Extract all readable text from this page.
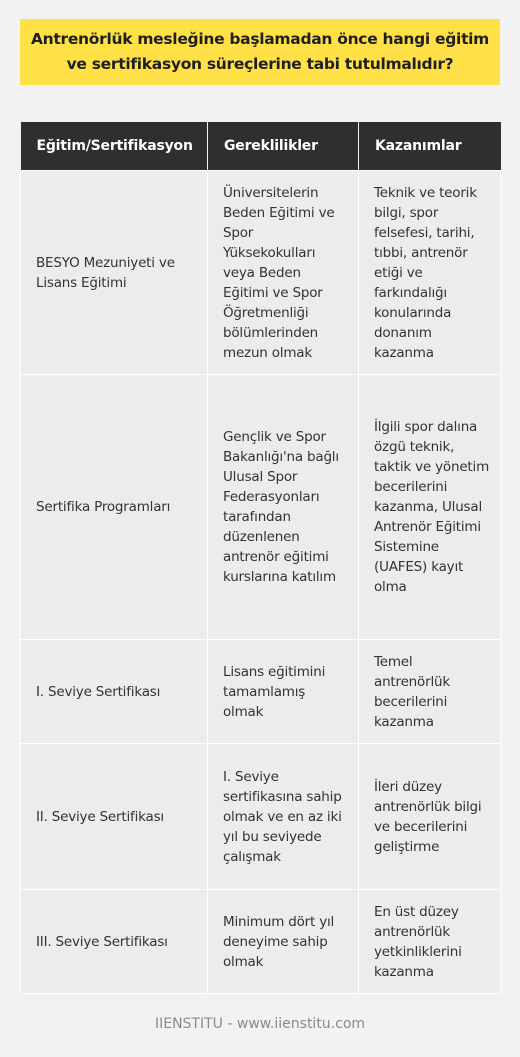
Antrenörlük mesleğine başlamadan önce hangi eğitim ve sertifikasyon süreçlerine tabi tutulmalıdır?
Eğitim/Sertifikasyon	Gereklilikler	Kazanımlar
BESYO Mezuniyeti ve Lisans Eğitimi	Üniversitelerin Beden Eğitimi ve Spor Yüksekokulları veya Beden Eğitimi ve Spor Öğretmenliği bölümlerinden mezun olmak	Teknik ve teorik bilgi, spor felsefesi, tarihi, tıbbi, antrenör etiği ve farkındalığı konularında donanım kazanma
Sertifika Programları	Gençlik ve Spor Bakanlığı'na bağlı Ulusal Spor Federasyonları tarafından düzenlenen antrenör eğitimi kurslarına katılım	İlgili spor dalına özgü teknik, taktik ve yönetim becerilerini kazanma, Ulusal Antrenör Eğitimi Sistemine (UAFES) kayıt olma
I. Seviye Sertifikası	Lisans eğitimini tamamlamış olmak	Temel antrenörlük becerilerini kazanma
II. Seviye Sertifikası	I. Seviye sertifikasına sahip olmak ve en az iki yıl bu seviyede çalışmak	İleri düzey antrenörlük bilgi ve becerilerini geliştirme
III. Seviye Sertifikası	Minimum dört yıl deneyime sahip olmak	En üst düzey antrenörlük yetkinliklerini kazanma
IIENSTITU - www.iienstitu.com
